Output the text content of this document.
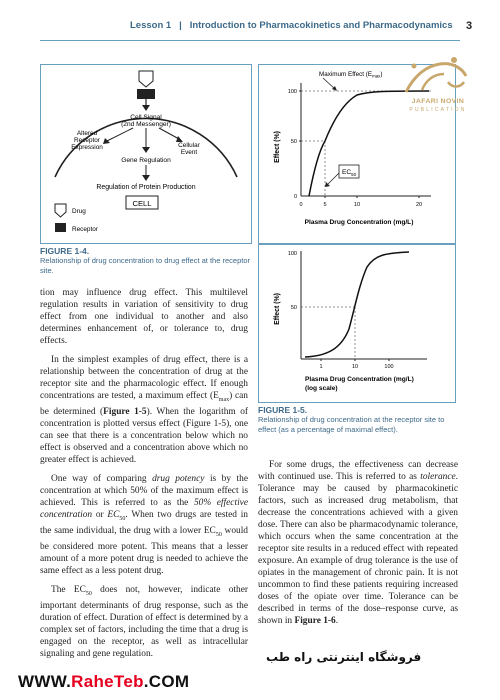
Lesson 1 | Introduction to Pharmacokinetics and Pharmacodynamics	3
Cell Signal
(2nd Messenger)
Altered
Receptor
Expression	Cellular
Event
Gene Regulation
Regulation of Protein Production
CELL
Drug
Receptor
FIGURE 1-4.
Relationship of drug concentration to drug effect at the receptor site.
Effect (%)
100
50
0
5	10	20
0
Maximum Effect $(E_{max})$
$EC_{50}$
Plasma Drug Concentration (mg/L)
Effect (%)
100
50
1	10	100
Plasma Drug Concentration (mg/L)
(log scale)
FIGURE 1-5.
Relationship of drug concentration at the receptor site to effect (as a percentage of maximal effect).

tion may influence drug effect. This multilevel regulation results in variation of sensitivity to drug effect from one individual to another and also determines enhancement of, or tolerance to, drug effects.

In the simplest examples of drug effect, there is a relationship between the concentration of drug at the receptor site and the pharmacologic effect. If enough concentrations are tested, a maximum effect $(E_{max})$ can be determined (Figure 1-5). When the logarithm of concentration is plotted versus effect (Figure 1-5), one can see that there is a concentration below which no effect is observed and a concentration above which no greater effect is achieved.

One way of comparing drug potency is by the concentration at which 50% of the maximum effect is achieved. This is referred to as the 50% effective concentration or $EC_{50}$. When two drugs are tested in the same individual, the drug with a lower $EC_{50}$ would be considered more potent. This means that a lesser amount of a more potent drug is needed to achieve the same effect as a less potent drug.

The $EC_{50}$ does not, however, indicate other important determinants of drug response, such as the duration of effect. Duration of effect is determined by a complex set of factors, including the time that a drug is engaged on the receptor, as well as intracellular signaling and gene regulation.

For some drugs, the effectiveness can decrease with continued use. This is referred to as tolerance. Tolerance may be caused by pharmacokinetic factors, such as increased drug metabolism, that decrease the concentrations achieved with a given dose. There can also be pharmacodynamic tolerance, which occurs when the same concentration at the receptor site results in a reduced effect with repeated exposure. An example of drug tolerance is the use of opiates in the management of chronic pain. It is not uncommon to find these patients requiring increased doses of the opiate over time. Tolerance can be described in terms of the dose–response curve, as shown in Figure 1-6.

JAFARI NOVIN
PUBLICATION
فروشگاه اینترنتی راه طب
WWW.RaheTeb.COM
